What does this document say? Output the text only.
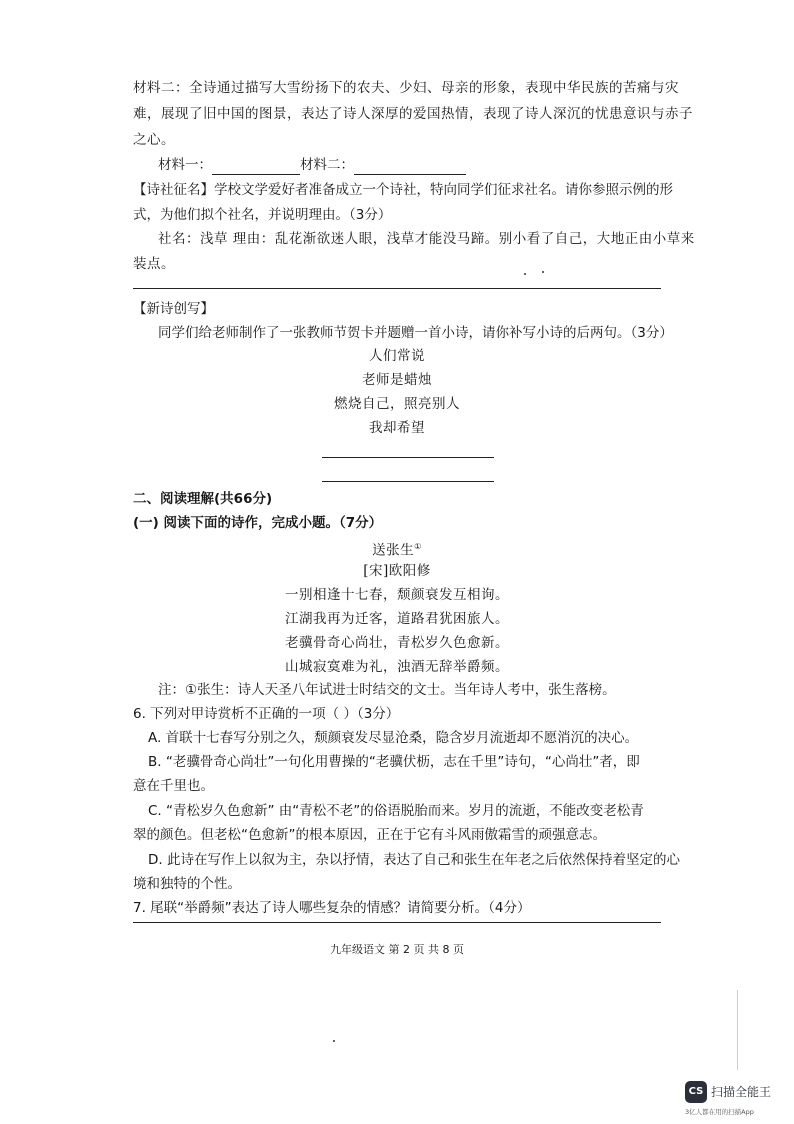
材料二：全诗通过描写大雪纷扬下的农夫、少妇、母亲的形象，表现中华民族的苦痛与灾
难，展现了旧中国的图景，表达了诗人深厚的爱国热情，表现了诗人深沉的忧患意识与赤子
之心。
材料一：	材料二：
【诗社征名】学校文学爱好者准备成立一个诗社，特向同学们征求社名。请你参照示例的形
式，为他们拟个社名，并说明理由。（3分）
社名：浅草 理由：乱花渐欲迷人眼，浅草才能没马蹄。别小看了自己，大地正由小草来
装点。
【新诗创写】
同学们给老师制作了一张教师节贺卡并题赠一首小诗，请你补写小诗的后两句。（3分）
人们常说
老师是蜡烛
燃烧自己，照亮别人
我却希望
二、阅读理解(共66分)
(一) 阅读下面的诗作，完成小题。（7分）
送张生①
[宋]欧阳修
一别相逢十七春，颓颜衰发互相询。
江湖我再为迁客，道路君犹困旅人。
老骥骨奇心尚壮，青松岁久色愈新。
山城寂寞难为礼，浊酒无辞举爵频。
注：①张生：诗人天圣八年试进士时结交的文士。当年诗人考中，张生落榜。
6. 下列对甲诗赏析不正确的一项（ ）（3分）
A. 首联十七春写分别之久，颓颜衰发尽显沧桑，隐含岁月流逝却不愿消沉的决心。
B. “老骥骨奇心尚壮”一句化用曹操的“老骥伏枥，志在千里”诗句，“心尚壮”者，即
意在千里也。
C. “青松岁久色愈新” 由“青松不老”的俗语脱胎而来。岁月的流逝，不能改变老松青
翠的颜色。但老松“色愈新”的根本原因，正在于它有斗风雨傲霜雪的顽强意志。
D. 此诗在写作上以叙为主，杂以抒情，表达了自己和张生在年老之后依然保持着坚定的心
境和独特的个性。
7. 尾联“举爵频”表达了诗人哪些复杂的情感？请简要分析。（4分）
九年级语文 第 2 页 共 8 页
CS 扫描全能王
3亿人都在用的扫描App
